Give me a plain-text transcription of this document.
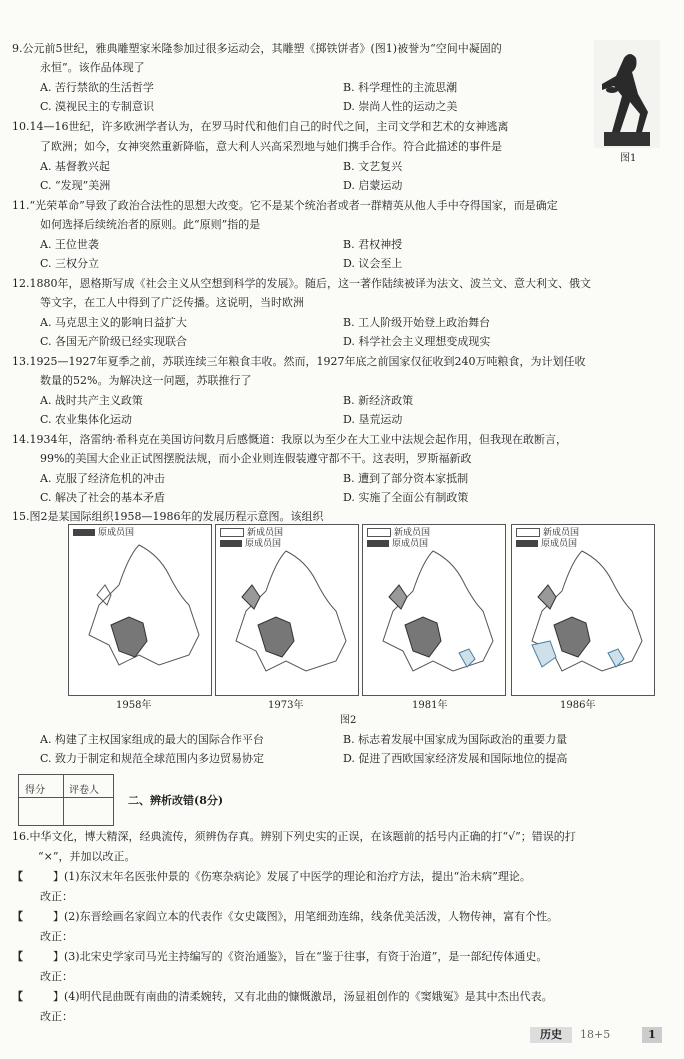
9.公元前5世纪，雅典雕塑家米隆参加过很多运动会，其雕塑《掷铁饼者》(图1)被誉为“空间中凝固的
永恒”。该作品体现了
A. 苦行禁欲的生活哲学	B. 科学理性的主流思潮
C. 漠视民主的专制意识	D. 崇尚人性的运动之美
图1
10.14—16世纪，许多欧洲学者认为，在罗马时代和他们自己的时代之间，主司文学和艺术的女神逃离
了欧洲；如今，女神突然重新降临，意大利人兴高采烈地与她们携手合作。符合此描述的事件是
A. 基督教兴起	B. 文艺复兴
C. “发现”美洲	D. 启蒙运动
11.“光荣革命”导致了政治合法性的思想大改变。它不是某个统治者或者一群精英从他人手中夺得国家，而是确定
如何选择后续统治者的原则。此“原则”指的是
A. 王位世袭	B. 君权神授
C. 三权分立	D. 议会至上
12.1880年，恩格斯写成《社会主义从空想到科学的发展》。随后，这一著作陆续被译为法文、波兰文、意大利文、俄文
等文字，在工人中得到了广泛传播。这说明，当时欧洲
A. 马克思主义的影响日益扩大	B. 工人阶级开始登上政治舞台
C. 各国无产阶级已经实现联合	D. 科学社会主义理想变成现实
13.1925—1927年夏季之前，苏联连续三年粮食丰收。然而，1927年底之前国家仅征收到240万吨粮食，为计划任收
数量的52%。为解决这一问题，苏联推行了
A. 战时共产主义政策	B. 新经济政策
C. 农业集体化运动	D. 垦荒运动
14.1934年，洛雷纳·希科克在美国访问数月后感慨道：我原以为至少在大工业中法规会起作用，但我现在敢断言，
99%的美国大企业正试图摆脱法规，而小企业则连假装遵守都不干。这表明，罗斯福新政
A. 克服了经济危机的冲击	B. 遭到了部分资本家抵制
C. 解决了社会的基本矛盾	D. 实施了全面公有制政策
15.图2是某国际组织1958—1986年的发展历程示意图。该组织
原成员国
1958年
新成员国
原成员国
1973年
新成员国
原成员国
1981年
新成员国
原成员国
1986年
图2
A. 构建了主权国家组成的最大的国际合作平台	B. 标志着发展中国家成为国际政治的重要力量
C. 致力于制定和规范全球范围内多边贸易协定	D. 促进了西欧国家经济发展和国际地位的提高
得分 评卷人
二、辨析改错(8分)
16.中华文化，博大精深，经典流传，须辨伪存真。辨别下列史实的正误，在该题前的括号内正确的打“√”；错误的打
“×”，并加以改正。
【	】(1)东汉末年名医张仲景的《伤寒杂病论》发展了中医学的理论和治疗方法，提出“治未病”理论。
改正：
【	】(2)东晋绘画名家阎立本的代表作《女史箴图》，用笔细劲连绵，线条优美活泼，人物传神，富有个性。
改正：
【	】(3)北宋史学家司马光主持编写的《资治通鉴》，旨在“鉴于往事，有资于治道”，是一部纪传体通史。
改正：
【	】(4)明代昆曲既有南曲的清柔婉转，又有北曲的慷慨激昂，汤显祖创作的《窦娥冤》是其中杰出代表。
改正：
历史	18+5	1
